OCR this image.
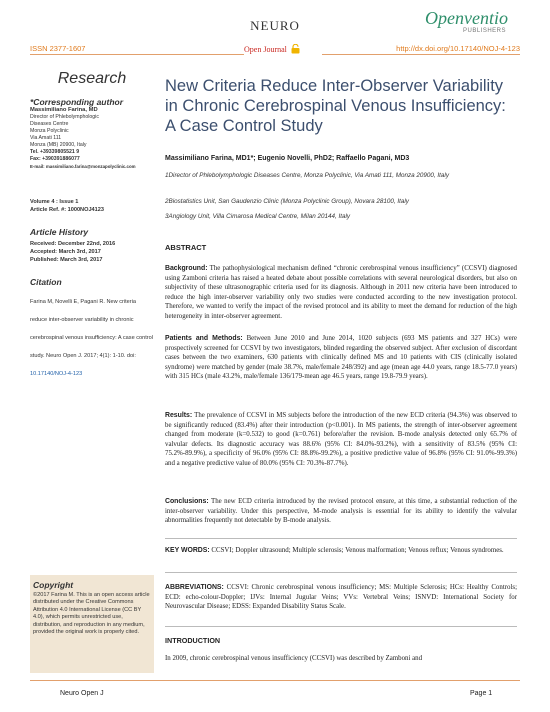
NEURO	Openventio
PUBLISHERS
ISSN 2377-1607	Open Journal	http://dx.doi.org/10.17140/NOJ-4-123
Research
*Corresponding author
Massimiliano Farina, MD
Director of Phlebolymphologic
Diseases Centre
Monza Polyclinic
Via Amati 111
Monza (MB) 20900, Italy
Tel. +39339805521 9
Fax: +390391886077
E-mail: massimiliano.farina@monzapolyclinic.com
Volume 4 : Issue 1
Article Ref. #: 1000NOJ4123
Article History
Received: December 22nd, 2016
Accepted: March 3rd, 2017
Published: March 3rd, 2017
Citation
Farina M, Novelli E, Pagani R. New criteria reduce inter-observer variability in chronic cerebrospinal venous insufficiency: A case control study. Neuro Open J. 2017; 4(1): 1-10. doi: 10.17140/NOJ-4-123
Copyright
©2017 Farina M. This is an open access article distributed under the Creative Commons Attribution 4.0 International License (CC BY 4.0), which permits unrestricted use, distribution, and reproduction in any medium, provided the original work is properly cited.
New Criteria Reduce Inter-Observer Variability in Chronic Cerebrospinal Venous Insufficiency: A Case Control Study
Massimiliano Farina, MD1*; Eugenio Novelli, PhD2; Raffaello Pagani, MD3
1Director of Phlebolymphologic Diseases Centre, Monza Polyclinic, Via Amati 111, Monza 20900, Italy
2Biostatistics Unit, San Gaudenzio Clinic (Monza Polyclinic Group), Novara 28100, Italy
3Angiology Unit, Villa Cimarosa Medical Centre, Milan 20144, Italy
ABSTRACT
Background: The pathophysiological mechanism defined “chronic cerebrospinal venous insufficiency” (CCSVI) diagnosed using Zamboni criteria has raised a heated debate about possible correlations with several neurological disorders, but also on subjectivity of these ultrasonographic criteria used for its diagnosis. Although in 2011 new criteria have been introduced to reduce the high inter-observer variability only two studies were conducted according to the new investigation protocol. Therefore, we wanted to verify the impact of the revised protocol and its ability to meet the demand for reduction of the high heterogeneity in inter-observer agreement.
Patients and Methods: Between June 2010 and June 2014, 1020 subjects (693 MS patients and 327 HCs) were prospectively screened for CCSVI by two investigators, blinded regarding the observed subject. After exclusion of discordant cases between the two examiners, 630 patients with clinically defined MS and 10 patients with CIS (clinically isolated syndrome) were matched by gender (male 38.7%, male/female 248/392) and age (mean age 44.0 years, range 18.5-77.0 years) with 315 HCs (male 43.2%, male/female 136/179-mean age 46.5 years, range 19.8-79.9 years).
Results: The prevalence of CCSVI in MS subjects before the introduction of the new ECD criteria (94.3%) was observed to be significantly reduced (83.4%) after their introduction (p<0.001). In MS patients, the strength of inter-observer agreement changed from moderate (k=0.532) to good (k=0.761) before/after the revision. B-mode analysis detected only 65.7% of valvular defects. Its diagnostic accuracy was 88.6% (95% CI: 84.0%-93.2%), with a sensitivity of 83.5% (95% CI: 75.2%-89.9%), a specificity of 96.0% (95% CI: 88.8%-99.2%), a positive predictive value of 96.8% (95% CI: 91.0%-99.3%) and a negative predictive value of 80.0% (95% CI: 70.3%-87.7%).
Conclusions: The new ECD criteria introduced by the revised protocol ensure, at this time, a substantial reduction of the inter-observer variability. Under this perspective, M-mode analysis is essential for its ability to identify the valvular abnormalities frequently not detectable by B-mode analysis.
KEY WORDS: CCSVI; Doppler ultrasound; Multiple sclerosis; Venous malformation; Venous reflux; Venous syndromes.
ABBREVIATIONS: CCSVI: Chronic cerebrospinal venous insufficiency; MS: Multiple Sclerosis; HCs: Healthy Controls; ECD: echo-colour-Doppler; IJVs: Internal Jugular Veins; VVs: Vertebral Veins; ISNVD: International Society for Neurovascular Disease; EDSS: Expanded Disability Status Scale.
INTRODUCTION
In 2009, chronic cerebrospinal venous insufficiency (CCSVI) was described by Zamboni and
Neuro Open J	Page 1
